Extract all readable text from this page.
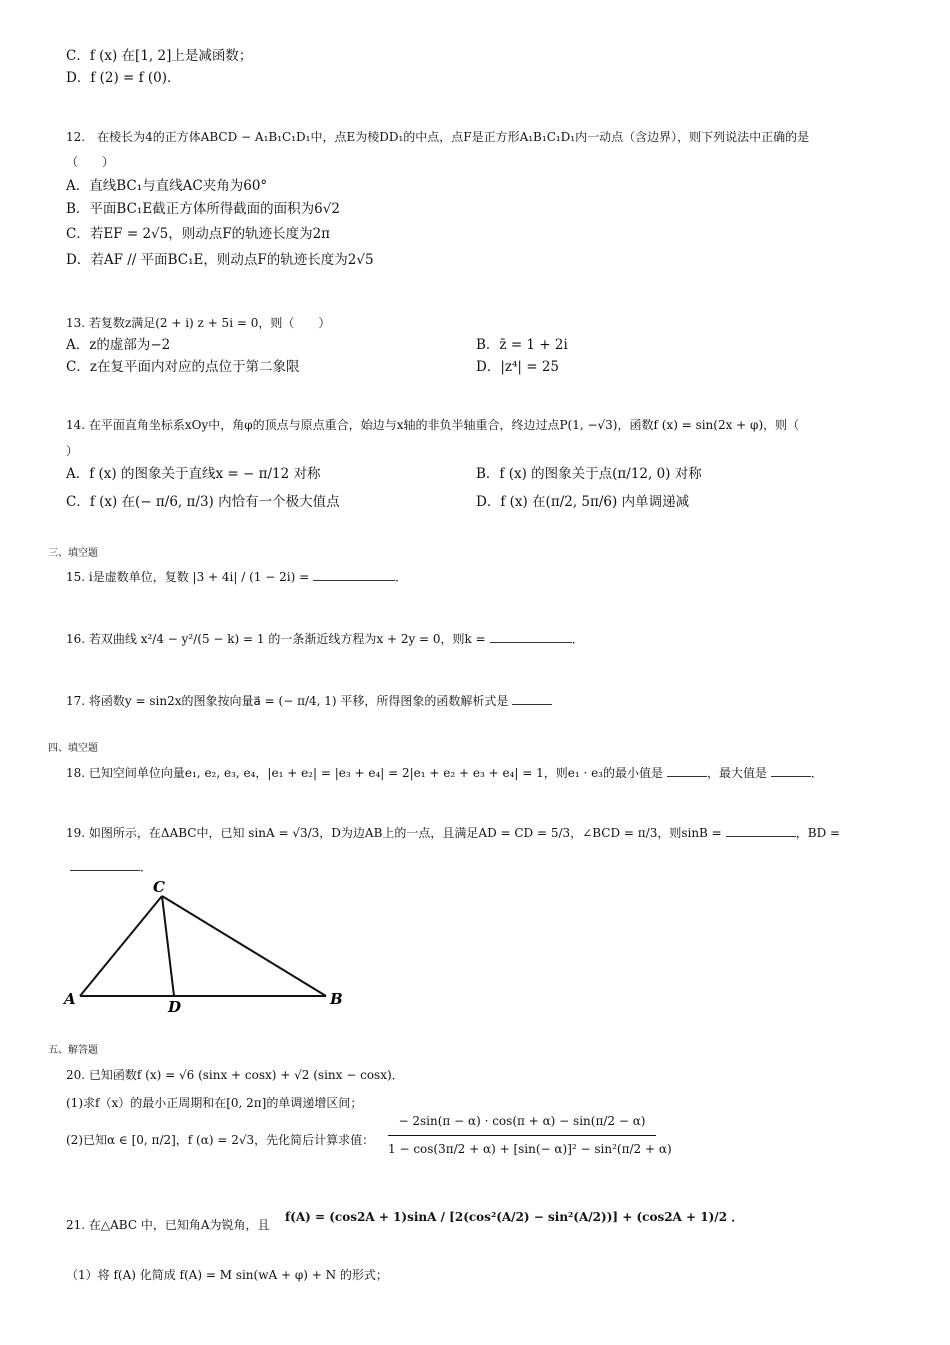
C．f (x) 在[1, 2]上是减函数；
D．f (2) = f (0)．
12.　在棱长为4的正方体ABCD − A₁B₁C₁D₁中，点E为棱DD₁的中点，点F是正方形A₁B₁C₁D₁内一动点（含边界），则下列说法中正确的是
（　　）
A．直线BC₁与直线AC夹角为60°
B．平面BC₁E截正方体所得截面的面积为6√2
C．若EF = 2√5，则动点F的轨迹长度为2π
D．若AF // 平面BC₁E，则动点F的轨迹长度为2√5
13. 若复数z满足(2 + i) z + 5i = 0，则（　　）
A．z的虚部为−2	B．z̄ = 1 + 2i
C．z在复平面内对应的点位于第二象限	D．|z⁴| = 25
14. 在平面直角坐标系xOy中，角φ的顶点与原点重合，始边与x轴的非负半轴重合，终边过点P(1, −√3)，函数f (x) = sin(2x + φ)，则（
）
A．f (x) 的图象关于直线x = − π/12 对称	B．f (x) 的图象关于点(π/12, 0) 对称
C．f (x) 在(− π/6, π/3) 内恰有一个极大值点	D．f (x) 在(π/2, 5π/6) 内单调递减
三、填空题
15. i是虚数单位，复数 |3 + 4i| / (1 − 2i) =	．
16. 若双曲线 x²/4 − y²/(5 − k) = 1 的一条渐近线方程为x + 2y = 0，则k =	．
17. 将函数y = sin2x的图象按向量a⃗ = (− π/4, 1) 平移，所得图象的函数解析式是
四、填空题
18. 已知空间单位向量e₁, e₂, e₃, e₄，|e₁ + e₂| = |e₃ + e₄| = 2|e₁ + e₂ + e₃ + e₄| = 1，则e₁ · e₃的最小值是	，最大值是	．
19. 如图所示，在ΔABC中，已知 sinA = √3/3，D为边AB上的一点，且满足AD = CD = 5/3，∠BCD = π/3，则sinB =	，BD =
．
C
A	D	B
五、解答题
20. 已知函数f (x) = √6 (sinx + cosx) + √2 (sinx − cosx)．
(1)求f（x）的最小正周期和在[0, 2π]的单调递增区间；
(2)已知α ∈ [0, π/2]，f (α) = 2√3，先化简后计算求值：
− 2sin(π − α) · cos(π + α) − sin(π/2 − α)
1 − cos(3π/2 + α) + [sin(− α)]² − sin²(π/2 + α)
21. 在△ABC 中，已知角A为锐角，且
f(A) = (cos2A + 1)sinA / [2(cos²(A/2) − sin²(A/2))] + (cos2A + 1)/2 ．
（1）将 f(A) 化简成 f(A) = M sin(wA + φ) + N 的形式；
